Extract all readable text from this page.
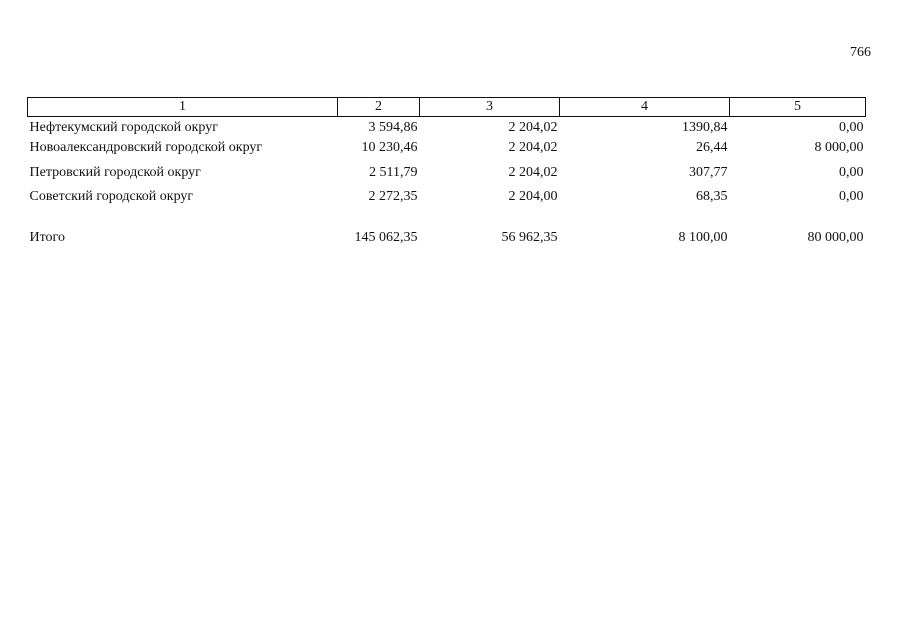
766
1	2	3	4	5
Нефтекумский городской округ	3 594,86	2 204,02	1390,84	0,00
Новоалександровский городской округ	10 230,46	2 204,02	26,44	8 000,00
Петровский городской округ	2 511,79	2 204,02	307,77	0,00
Советский городской округ	2 272,35	2 204,00	68,35	0,00

Итого	145 062,35	56 962,35	8 100,00	80 000,00
